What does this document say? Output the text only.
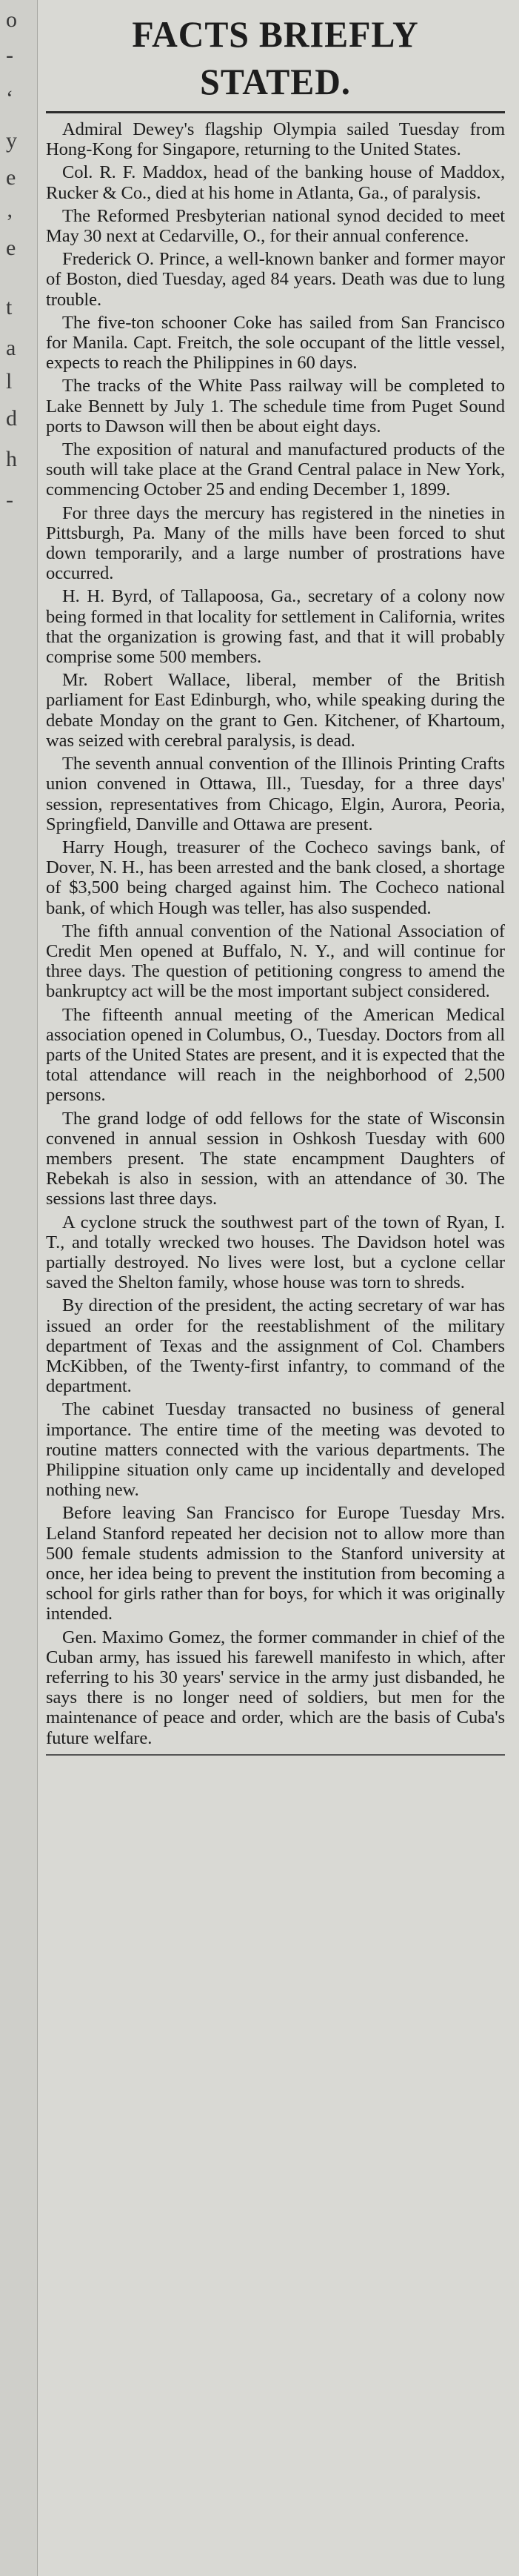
o
-
‘
y
e
’
e
t
a
l
d
h
-
FACTS BRIEFLY STATED.

Admiral Dewey's flagship Olympia sailed Tuesday from Hong-Kong for Singapore, returning to the United States.

Col. R. F. Maddox, head of the banking house of Maddox, Rucker & Co., died at his home in Atlanta, Ga., of paralysis.

The Reformed Presbyterian national synod decided to meet May 30 next at Cedarville, O., for their annual conference.

Frederick O. Prince, a well-known banker and former mayor of Boston, died Tuesday, aged 84 years. Death was due to lung trouble.

The five-ton schooner Coke has sailed from San Francisco for Manila. Capt. Freitch, the sole occupant of the little vessel, expects to reach the Philippines in 60 days.

The tracks of the White Pass railway will be completed to Lake Bennett by July 1. The schedule time from Puget Sound ports to Dawson will then be about eight days.

The exposition of natural and manufactured products of the south will take place at the Grand Central palace in New York, commencing October 25 and ending December 1, 1899.

For three days the mercury has registered in the nineties in Pittsburgh, Pa. Many of the mills have been forced to shut down temporarily, and a large number of prostrations have occurred.

H. H. Byrd, of Tallapoosa, Ga., secretary of a colony now being formed in that locality for settlement in California, writes that the organization is growing fast, and that it will probably comprise some 500 members.

Mr. Robert Wallace, liberal, member of the British parliament for East Edinburgh, who, while speaking during the debate Monday on the grant to Gen. Kitchener, of Khartoum, was seized with cerebral paralysis, is dead.

The seventh annual convention of the Illinois Printing Crafts union convened in Ottawa, Ill., Tuesday, for a three days' session, representatives from Chicago, Elgin, Aurora, Peoria, Springfield, Danville and Ottawa are present.

Harry Hough, treasurer of the Cocheco savings bank, of Dover, N. H., has been arrested and the bank closed, a shortage of $3,500 being charged against him. The Cocheco national bank, of which Hough was teller, has also suspended.

The fifth annual convention of the National Association of Credit Men opened at Buffalo, N. Y., and will continue for three days. The question of petitioning congress to amend the bankruptcy act will be the most important subject considered.

The fifteenth annual meeting of the American Medical association opened in Columbus, O., Tuesday. Doctors from all parts of the United States are present, and it is expected that the total attendance will reach in the neighborhood of 2,500 persons.

The grand lodge of odd fellows for the state of Wisconsin convened in annual session in Oshkosh Tuesday with 600 members present. The state encampment Daughters of Rebekah is also in session, with an attendance of 30. The sessions last three days.

A cyclone struck the southwest part of the town of Ryan, I. T., and totally wrecked two houses. The Davidson hotel was partially destroyed. No lives were lost, but a cyclone cellar saved the Shelton family, whose house was torn to shreds.

By direction of the president, the acting secretary of war has issued an order for the reestablishment of the military department of Texas and the assignment of Col. Chambers McKibben, of the Twenty-first infantry, to command of the department.

The cabinet Tuesday transacted no business of general importance. The entire time of the meeting was devoted to routine matters connected with the various departments. The Philippine situation only came up incidentally and developed nothing new.

Before leaving San Francisco for Europe Tuesday Mrs. Leland Stanford repeated her decision not to allow more than 500 female students admission to the Stanford university at once, her idea being to prevent the institution from becoming a school for girls rather than for boys, for which it was originally intended.

Gen. Maximo Gomez, the former commander in chief of the Cuban army, has issued his farewell manifesto in which, after referring to his 30 years' service in the army just disbanded, he says there is no longer need of soldiers, but men for the maintenance of peace and order, which are the basis of Cuba's future welfare.
